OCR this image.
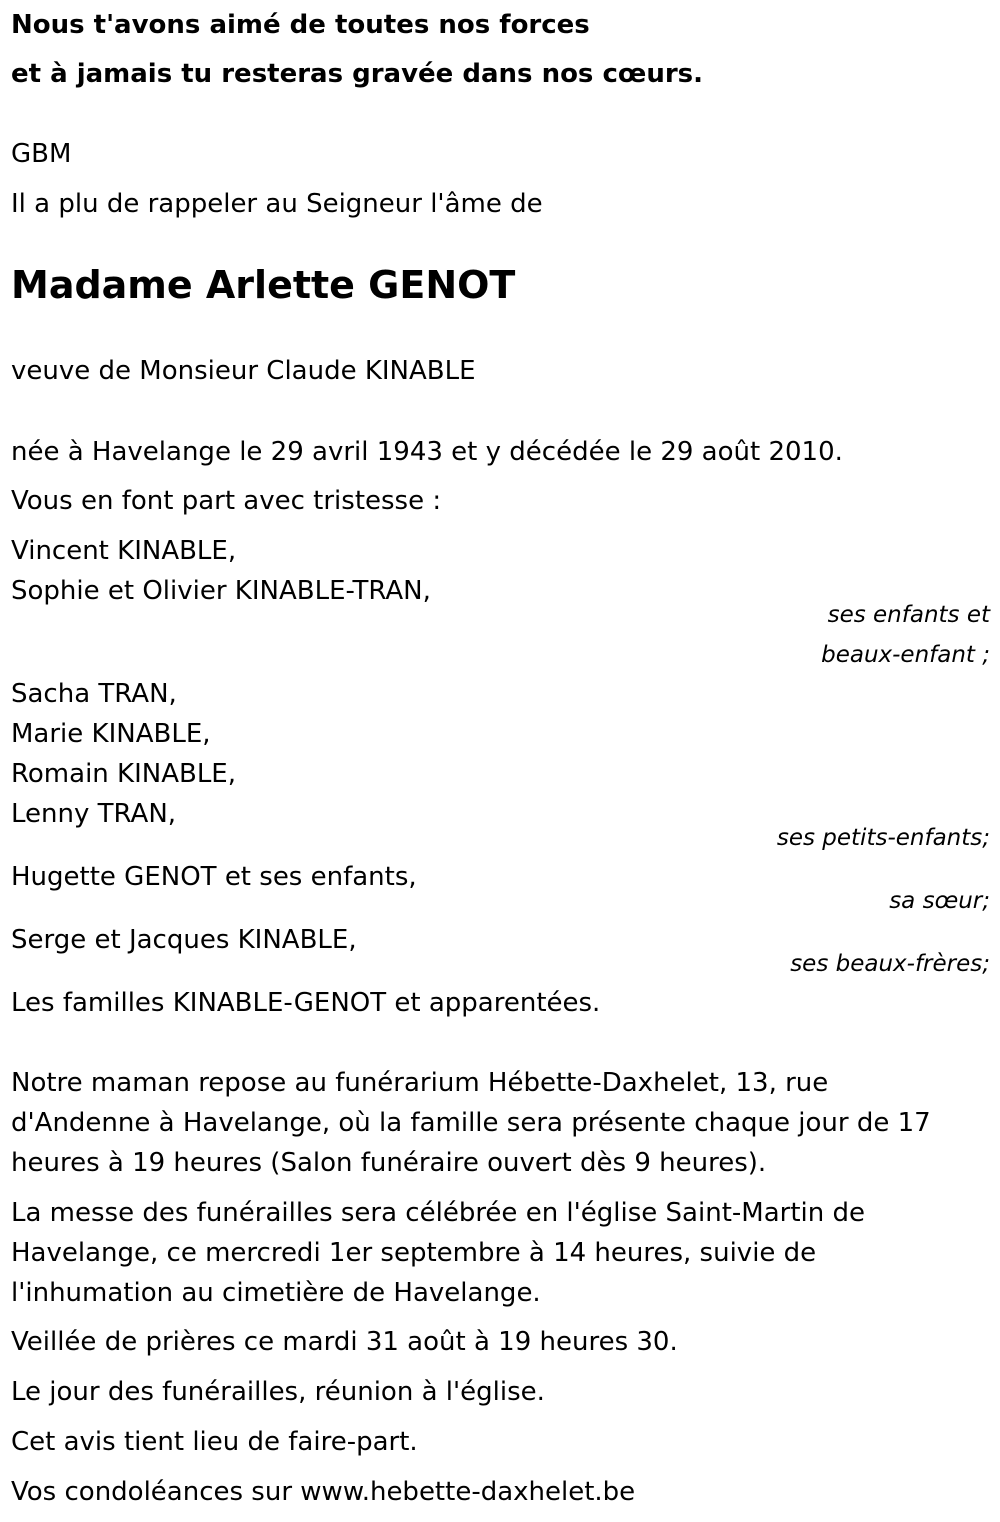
Nous t'avons aimé de toutes nos forces
et à jamais tu resteras gravée dans nos cœurs.
GBM
Il a plu de rappeler au Seigneur l'âme de
Madame Arlette GENOT
veuve de Monsieur Claude KINABLE
née à Havelange le 29 avril 1943 et y décédée le 29 août 2010.
Vous en font part avec tristesse :
Vincent KINABLE,
Sophie et Olivier KINABLE-TRAN,
ses enfants et
beaux-enfant ;
Sacha TRAN,
Marie KINABLE,
Romain KINABLE,
Lenny TRAN,
ses petits-enfants;
Hugette GENOT et ses enfants,
sa sœur;
Serge et Jacques KINABLE,
ses beaux-frères;
Les familles KINABLE-GENOT et apparentées.
Notre maman repose au funérarium Hébette-Daxhelet, 13, rue d'Andenne à Havelange, où la famille sera présente chaque jour de 17 heures à 19 heures (Salon funéraire ouvert dès 9 heures).
La messe des funérailles sera célébrée en l'église Saint-Martin de Havelange, ce mercredi 1er septembre à 14 heures, suivie de l'inhumation au cimetière de Havelange.
Veillée de prières ce mardi 31 août à 19 heures 30.
Le jour des funérailles, réunion à l'église.
Cet avis tient lieu de faire-part.
Vos condoléances sur www.hebette-daxhelet.be
